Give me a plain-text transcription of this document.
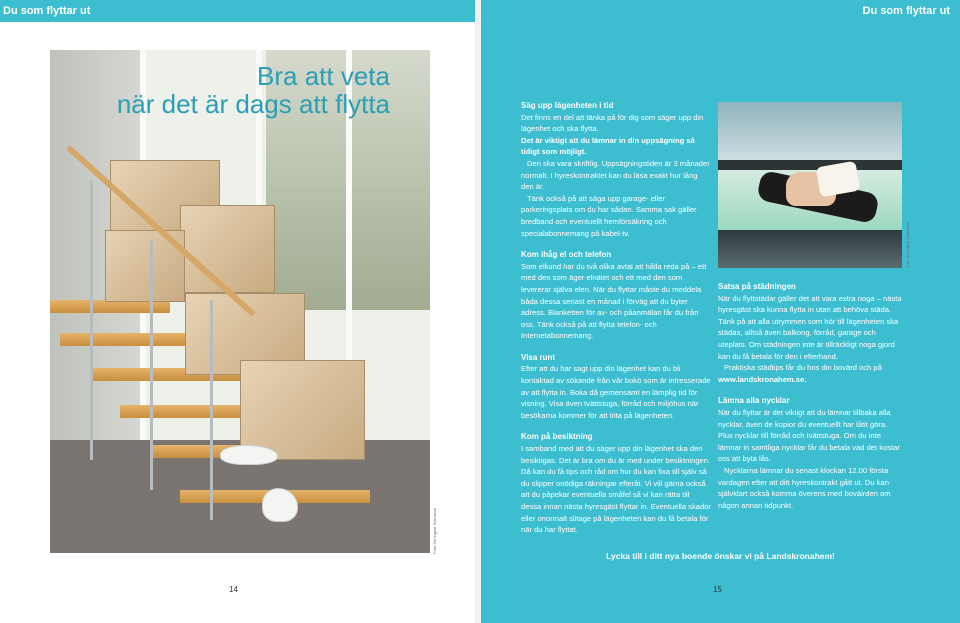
Du som flyttar ut	Du som flyttar ut
Bra att veta
när det är dags att flytta
Foto: Bo Ingvar Svensson
14
Säg upp lägenheten i tid

Det finns en del att tänka på för dig som säger upp din lägenhet och ska flytta.

Det är viktigt att du lämnar in din uppsägning så tidigt som möjligt.

Den ska vara skriftlig. Uppsägningstiden är 3 månader normalt. I hyreskontraktet kan du läsa exakt hur lång den är.

Tänk också på att säga upp garage- eller parkeringsplats om du har sådan. Samma sak gäller bredband och eventuellt hemförsäkring och specialabonnemang på kabel-tv.

Kom ihåg el och telefon

Som elkund har du två olika avtal att hålla reda på – ett med den som äger elnätet och ett med den som levererar själva elen. När du flyttar måste du meddela båda dessa senast en månad i förväg att du byter adress. Blanketten för av- och påanmälan får du från oss. Tänk också på att flytta telefon- och Internetabonnemang.

Visa runt

Efter att du har sagt upp din lägenhet kan du bli kontaktad av sökande från vår bokö som är intresserade av att flytta in. Boka då gemensamt en lämplig tid för visning. Visa även tvättstuga, förråd och miljöhus när besökarna kommer för att titta på lägenheten.

Kom på besiktning

I samband med att du säger upp din lägenhet ska den besiktigas. Det är bra om du är med under besiktningen. Då kan du få tips och råd om hur du kan fixa till själv så du slipper onödiga räkningar efteråt. Vi vill gärna också att du påpekar eventuella småfel så vi kan rätta till dessa innan nästa hyresgäst flyttar in. Eventuella skador eller onormalt slitage på lägenheten kan du få betala för när du har flyttat.

Foto: Bo Ingvar Svensson
Satsa på städningen

När du flyttstädar gäller det att vara extra noga – nästa hyresgäst ska kunna flytta in utan att behöva städa. Tänk på att alla utrymmen som hör till lägenheten ska städas, alltså även balkong, förråd, garage och uteplats. Om städningen inte är tillräckligt noga gjord kan du få betala för den i efterhand.

Praktiska städtips får du hos din bovärd och på

www.landskronahem.se.

Lämna alla nycklar

När du flyttar är det viktigt att du lämnar tillbaka alla nycklar, även de kopior du eventuellt har låtit göra. Plus nycklar till förråd och tvättstuga. Om du inte lämnar in samtliga nycklar får du betala vad det kostar oss att byta lås.

Nycklarna lämnar du senast klockan 12.00 första vardagen efter att ditt hyreskontrakt gått ut. Du kan självklart också komma överens med boväirden om någon annan tidpunkt.

Lycka till i ditt nya boende önskar vi på Landskronahem!
15
